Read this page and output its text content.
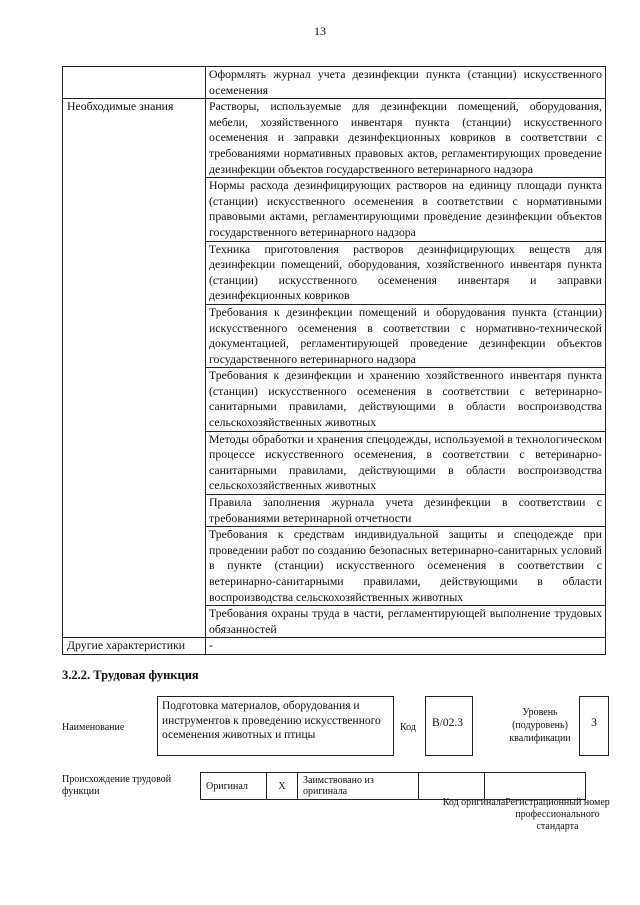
13
	Оформлять журнал учета дезинфекции пункта (станции) искусственного осеменения
Необходимые знания	Растворы, используемые для дезинфекции помещений, оборудования, мебели, хозяйственного инвентаря пункта (станции) искусственного осеменения и заправки дезинфекционных ковриков в соответствии с требованиями нормативных правовых актов, регламентирующих проведение дезинфекции объектов государственного ветеринарного надзора
	Нормы расхода дезинфицирующих растворов на единицу площади пункта (станции) искусственного осеменения в соответствии с нормативными правовыми актами, регламентирующими проведение дезинфекции объектов государственного ветеринарного надзора
	Техника приготовления растворов дезинфицирующих веществ для дезинфекции помещений, оборудования, хозяйственного инвентаря пункта (станции) искусственного осеменения инвентаря и заправки дезинфекционных ковриков
	Требования к дезинфекции помещений и оборудования пункта (станции) искусственного осеменения в соответствии с нормативно-технической документацией, регламентирующей проведение дезинфекции объектов государственного ветеринарного надзора
	Требования к дезинфекции и хранению хозяйственного инвентаря пункта (станции) искусственного осеменения в соответствии с ветеринарно-санитарными правилами, действующими в области воспроизводства сельскохозяйственных животных
	Методы обработки и хранения спецодежды, используемой в технологическом процессе искусственного осеменения, в соответствии с ветеринарно-санитарными правилами, действующими в области воспроизводства сельскохозяйственных животных
	Правила заполнения журнала учета дезинфекции в соответствии с требованиями ветеринарной отчетности
	Требования к средствам индивидуальной защиты и спецодежде при проведении работ по созданию безопасных ветеринарно-санитарных условий в пункте (станции) искусственного осеменения в соответствии с ветеринарно-санитарными правилами, действующими в области воспроизводства сельскохозяйственных животных
	Требования охраны труда в части, регламентирующей выполнение трудовых обязанностей
Другие характеристики	-
3.2.2. Трудовая функция
Наименование
Подготовка материалов, оборудования и инструментов к проведению искусственного осеменения животных и птицы
Код	B/02.3
Уровень (подуровень) квалификации
3
Происхождение трудовой функции	Оригинал	X	Заимствовано из оригинала		
Код оригинала Регистрационный номер профессионального стандарта
